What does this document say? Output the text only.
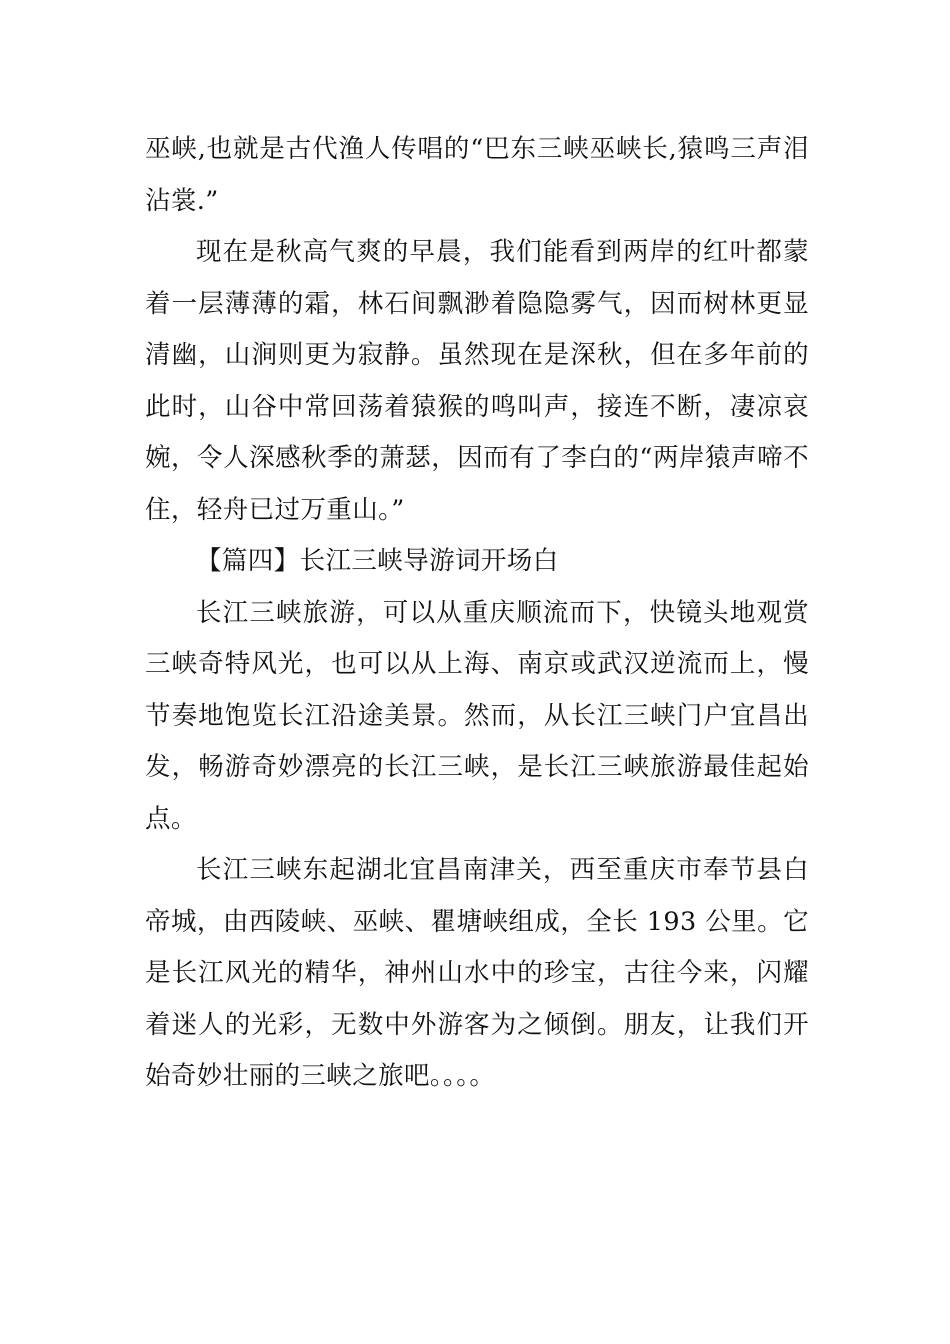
巫峡,也就是古代渔人传唱的“巴东三峡巫峡长,猿鸣三声泪沾裳.”

现在是秋高气爽的早晨，我们能看到两岸的红叶都蒙着一层薄薄的霜，林石间飘渺着隐隐雾气，因而树林更显清幽，山涧则更为寂静。虽然现在是深秋，但在多年前的此时，山谷中常回荡着猿猴的鸣叫声，接连不断，凄凉哀婉，令人深感秋季的萧瑟，因而有了李白的“两岸猿声啼不住，轻舟已过万重山。”

【篇四】长江三峡导游词开场白

长江三峡旅游，可以从重庆顺流而下，快镜头地观赏三峡奇特风光，也可以从上海、南京或武汉逆流而上，慢节奏地饱览长江沿途美景。然而，从长江三峡门户宜昌出发，畅游奇妙漂亮的长江三峡，是长江三峡旅游最佳起始点。

长江三峡东起湖北宜昌南津关，西至重庆市奉节县白帝城，由西陵峡、巫峡、瞿塘峡组成，全长 193 公里。它是长江风光的精华，神州山水中的珍宝，古往今来，闪耀着迷人的光彩，无数中外游客为之倾倒。朋友，让我们开始奇妙壮丽的三峡之旅吧。。。。
